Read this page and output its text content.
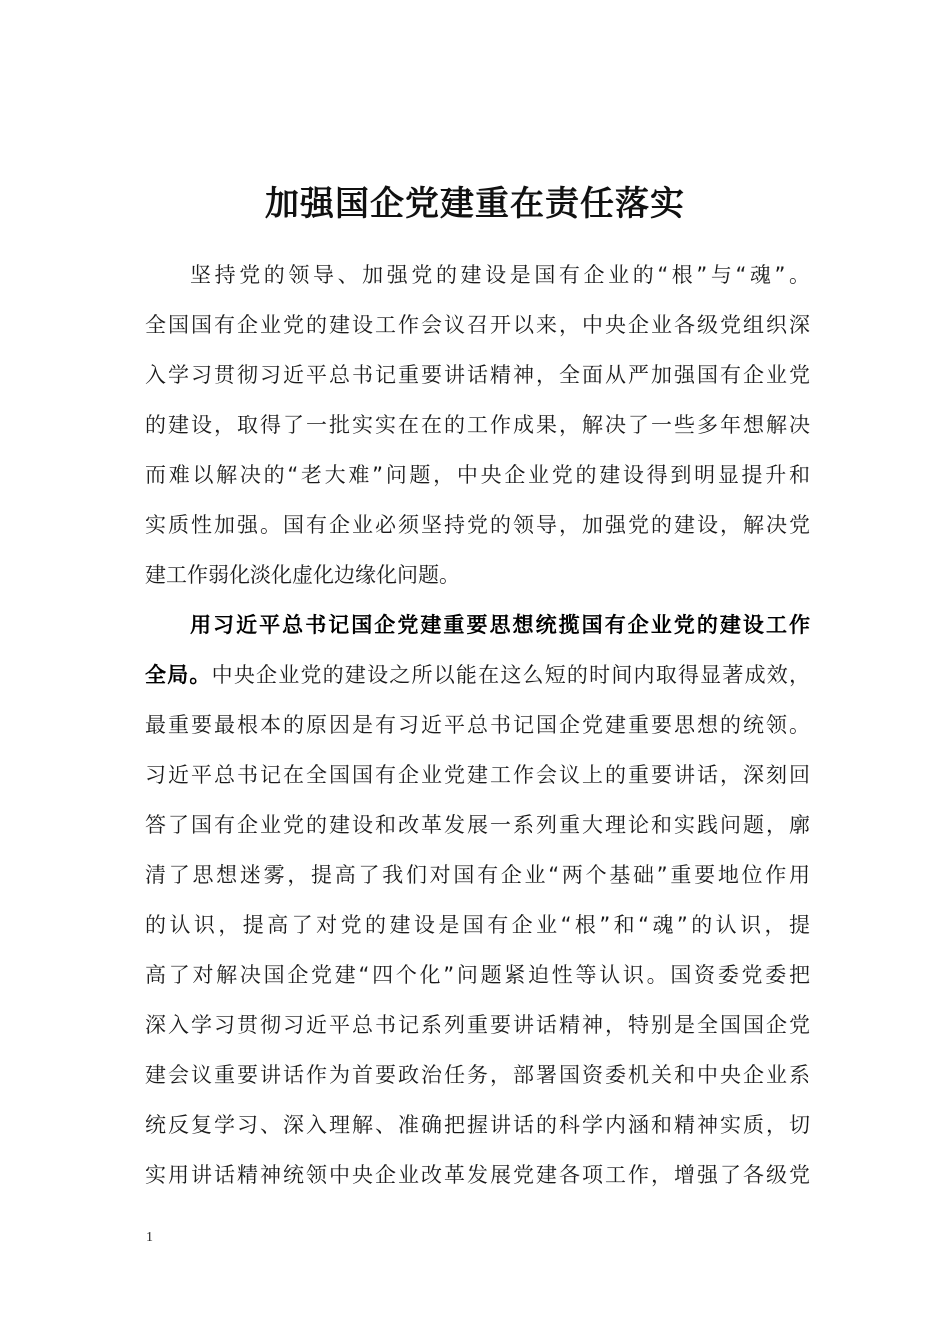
加强国企党建重在责任落实
坚持党的领导、加强党的建设是国有企业的“根”与“魂”。
全国国有企业党的建设工作会议召开以来，中央企业各级党组织深
入学习贯彻习近平总书记重要讲话精神，全面从严加强国有企业党
的建设，取得了一批实实在在的工作成果，解决了一些多年想解决
而难以解决的“老大难”问题，中央企业党的建设得到明显提升和
实质性加强。国有企业必须坚持党的领导，加强党的建设，解决党
建工作弱化淡化虚化边缘化问题。
用习近平总书记国企党建重要思想统揽国有企业党的建设工作
全局。中央企业党的建设之所以能在这么短的时间内取得显著成效，
最重要最根本的原因是有习近平总书记国企党建重要思想的统领。
习近平总书记在全国国有企业党建工作会议上的重要讲话，深刻回
答了国有企业党的建设和改革发展一系列重大理论和实践问题，廓
清了思想迷雾，提高了我们对国有企业“两个基础”重要地位作用
的认识，提高了对党的建设是国有企业“根”和“魂”的认识，提
高了对解决国企党建“四个化”问题紧迫性等认识。国资委党委把
深入学习贯彻习近平总书记系列重要讲话精神，特别是全国国企党
建会议重要讲话作为首要政治任务，部署国资委机关和中央企业系
统反复学习、深入理解、准确把握讲话的科学内涵和精神实质，切
实用讲话精神统领中央企业改革发展党建各项工作，增强了各级党
1
